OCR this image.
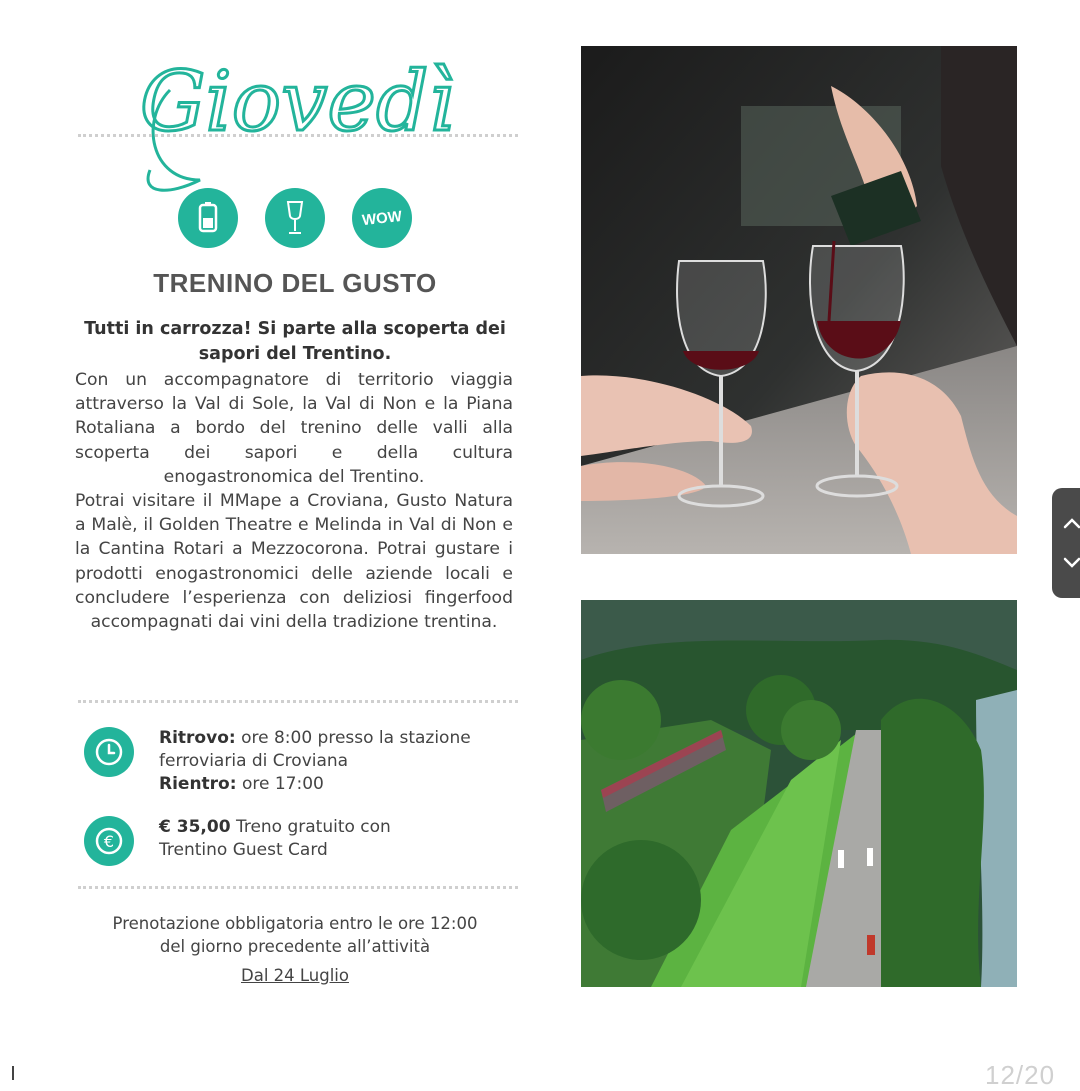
Giovedì
WOW
TRENINO DEL GUSTO
Tutti in carrozza! Si parte alla scoperta dei sapori del Trentino.

Con un accompagnatore di territorio viaggia attraverso la Val di Sole, la Val di Non e la Piana Rotaliana a bordo del trenino delle valli alla scoperta dei sapori e della cultura enogastronomica del Trentino.

Potrai visitare il MMape a Croviana, Gusto Natura a Malè, il Golden Theatre e Melinda in Val di Non e la Cantina Rotari a Mezzocorona. Potrai gustare i prodotti enogastronomici delle aziende locali e concludere l’esperienza con deliziosi fingerfood accompagnati dai vini della tradizione trentina.

Ritrovo: ore 8:00 presso la stazione ferroviaria di Croviana
Rientro: ore 17:00
€
€ 35,00 Treno gratuito con Trentino Guest Card
Prenotazione obbligatoria entro le ore 12:00
del giorno precedente all’attività
Dal 24 Luglio
12/20
